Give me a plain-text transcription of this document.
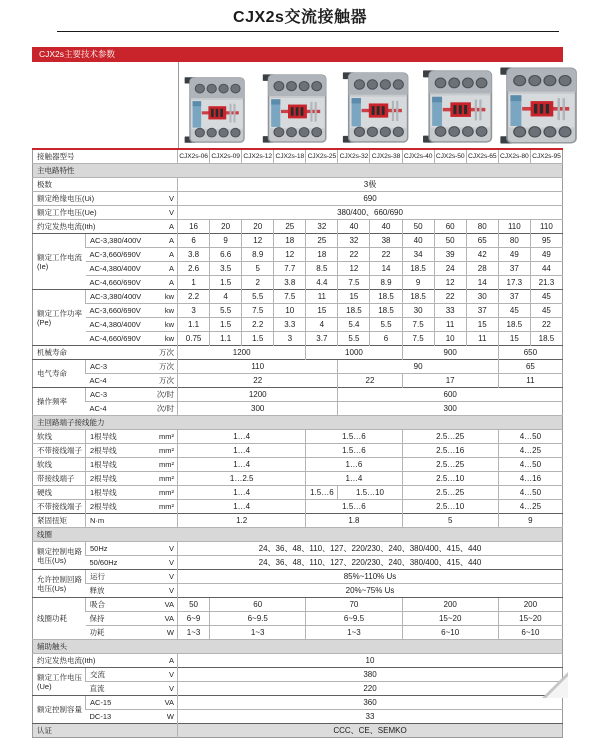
CJX2s交流接触器
CJX2s主要技术参数
接触器型号		CJX2s-06	CJX2s-09	CJX2s-12	CJX2s-18	CJX2s-25	CJX2s-32	CJX2s-38	CJX2s-40	CJX2s-50	CJX2s-65	CJX2s-80	CJX2s-95
主电路特性													

极数		3极											

额定绝缘电压(Ui) V		690											

额定工作电压(Ue) V		380/400、660/690											

约定发热电流(Ith) A		16	20	20	25	32	40	40	50	60	80	110	110
额定工作电流(Ie)	AC-3,380/400V A	6	9	12	18	25	32	38	40	50	65	80	95

	AC-3,660/690V A	3.8	6.6	8.9	12	18	22	22	34	39	42	49	49

	AC-4,380/400V A	2.6	3.5	5	7.7	8.5	12	14	18.5	24	28	37	44

	AC-4,660/690V A	1	1.5	2	3.8	4.4	7.5	8.9	9	12	14	17.3	21.3
额定工作功率(Pe)	AC-3,380/400V kw	2.2	4	5.5	7.5	11	15	18.5	18.5	22	30	37	45

	AC-3,660/690V kw	3	5.5	7.5	10	15	18.5	18.5	30	33	37	45	45

	AC-4,380/400V kw	1.1	1.5	2.2	3.3	4	5.4	5.5	7.5	11	15	18.5	22

	AC-4,660/690V kw	0.75	1.1	1.5	3	3.7	5.5	6	7.5	10	11	15	18.5

机械寿命 万次		1200				1000			900			650	
电气寿命	AC-3 万次	110					90					65	

	AC-4 万次	22					22		17			11	
操作频率	AC-3 次/时	1200					600						

	AC-4 次/时	300					300						
主回路端子接线能力													
软线	1根导线 mm²	1…4				1.5…6			2.5…25			4…50	
不带接线端子	2根导线 mm²	1…4				1.5…6			2.5…16			4…25	
软线	1根导线 mm²	1…4				1…6			2.5…25			4…50	
带接线端子	2根导线 mm²	1…2.5				1…4			2.5…10			4…16	
硬线	1根导线 mm²	1…4				1.5…6	1.5…10		2.5…25			4…50	
不带接线端子	2根导线 mm²	1…4				1.5…6			2.5…10			4…25	
紧固扭矩	N·m	1.2				1.8			5			9	
线圈													
额定控制电路电压(Us)	50Hz V	24、36、48、110、127、220/230、240、380/400、415、440											

	50/60Hz V	24、36、48、110、127、220/230、240、380/400、415、440											
允许控制回路电压(Us)	运行 V	85%~110% Us											

	释放 V	20%~75% Us											
线圈功耗	吸合 VA	50	60			70			200			200	

	保持 VA	6~9	6~9.5			6~9.5			15~20			15~20	

	功耗 W	1~3	1~3			1~3			6~10			6~10	
辅助触头													

约定发热电流(Ith) A		10											
额定工作电压(Ue)	交流 V	380											

	直流 V	220											
额定控制容量	AC-15 VA	360											

	DC-13 W	33											
认证		CCC、CE、SEMKO											
